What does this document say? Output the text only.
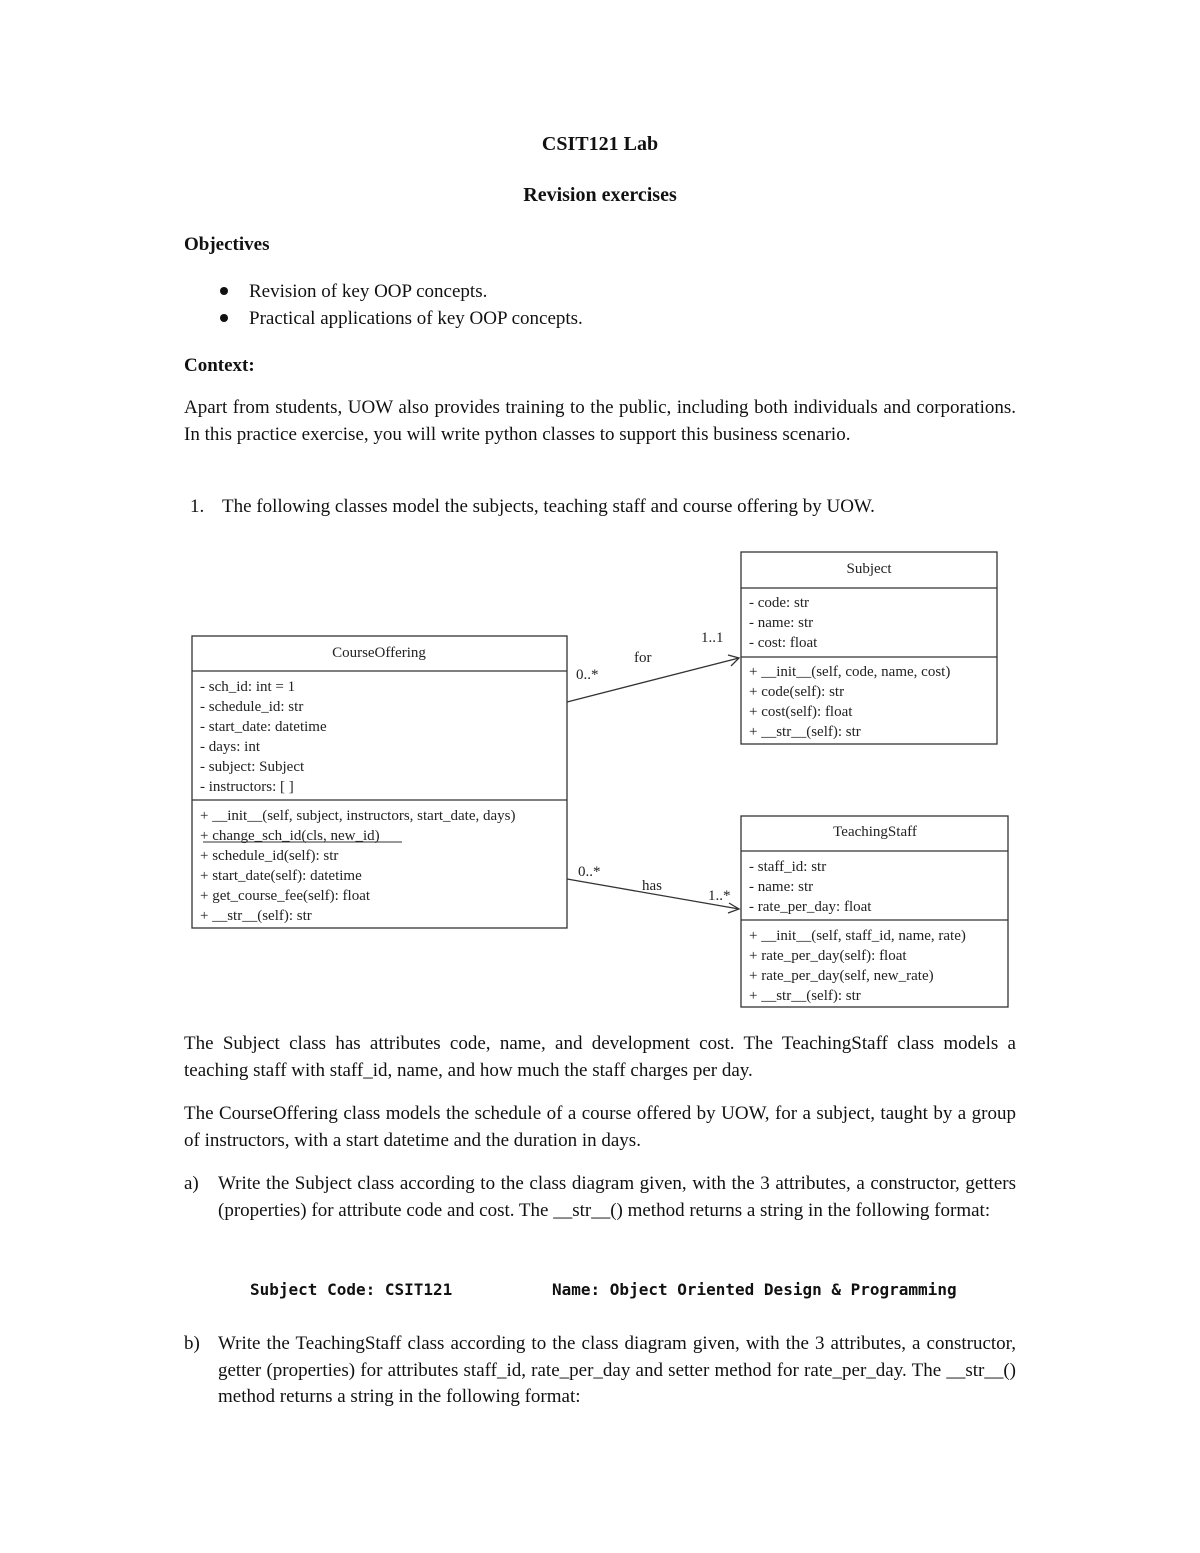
CSIT121 Lab
Revision exercises
Objectives
Revision of key OOP concepts.
Practical applications of key OOP concepts.
Context:
Apart from students, UOW also provides training to the public, including both individuals and corporations. In this practice exercise, you will write python classes to support this business scenario.
1. The following classes model the subjects, teaching staff and course offering by UOW.
CourseOffering
- sch_id: int = 1
- schedule_id: str
- start_date: datetime
- days: int
- subject: Subject
- instructors: [ ]
+ __init__(self, subject, instructors, start_date, days)
+ change_sch_id(cls, new_id)
+ schedule_id(self): str
+ start_date(self): datetime
+ get_course_fee(self): float
+ __str__(self): str
Subject
- code: str
- name: str
- cost: float
+ __init__(self, code, name, cost)
+ code(self): str
+ cost(self): float
+ __str__(self): str
TeachingStaff
- staff_id: str
- name: str
- rate_per_day: float
+ __init__(self, staff_id, name, rate)
+ rate_per_day(self): float
+ rate_per_day(self, new_rate)
+ __str__(self): str
for
0..*
1..1
has
0..*
1..*
The Subject class has attributes code, name, and development cost. The TeachingStaff class models a teaching staff with staff_id, name, and how much the staff charges per day.
The CourseOffering class models the schedule of a course offered by UOW, for a subject, taught by a group of instructors, with a start datetime and the duration in days.
a) Write the Subject class according to the class diagram given, with the 3 attributes, a constructor, getters (properties) for attribute code and cost. The __str__() method returns a string in the following format:
Subject Code: CSIT121	Name: Object Oriented Design & Programming
b) Write the TeachingStaff class according to the class diagram given, with the 3 attributes, a constructor, getter (properties) for attributes staff_id, rate_per_day and setter method for rate_per_day. The __str__() method returns a string in the following format:
